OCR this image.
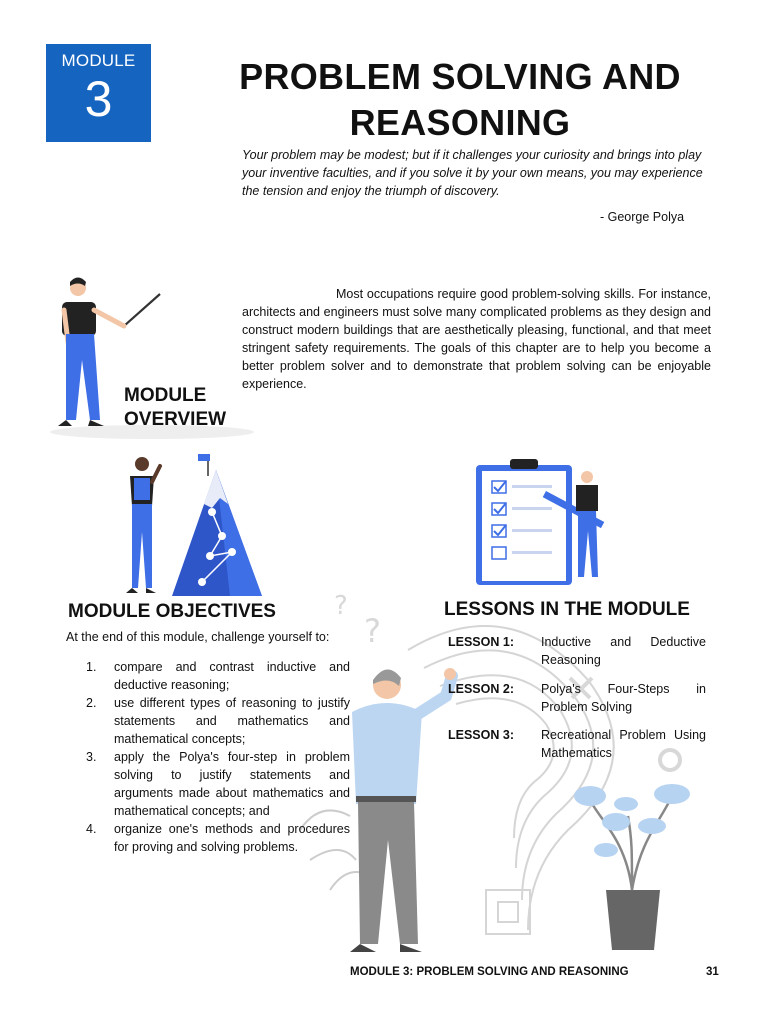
MODULE
3	PROBLEM SOLVING AND
REASONING
Your problem may be modest; but if it challenges your curiosity and brings into play your inventive faculties, and if you solve it by your own means, you may experience the tension and enjoy the triumph of discovery.
- George Polya
MODULE
OVERVIEW
Most occupations require good problem-solving skills. For instance, architects and engineers must solve many complicated problems as they design and construct modern buildings that are aesthetically pleasing, functional, and that meet stringent safety requirements. The goals of this chapter are to help you become a better problem solver and to demonstrate that problem solving can be enjoyable experience.
?
?
MODULE OBJECTIVES
At the end of this module, challenge yourself to:
1.	compare and contrast inductive and deductive reasoning;
2.	use different types of reasoning to justify statements and mathematics and mathematical concepts;
3.	apply the Polya's four-step in problem solving to justify statements and arguments made about mathematics and mathematical concepts; and
4.	organize one's methods and procedures for proving and solving problems.
LESSONS IN THE MODULE
LESSON 1:	Inductive and Deductive Reasoning
LESSON 2:	Polya's Four-Steps in Problem Solving
LESSON 3:	Recreational Problem Using Mathematics
MODULE 3: PROBLEM SOLVING AND REASONING	31
